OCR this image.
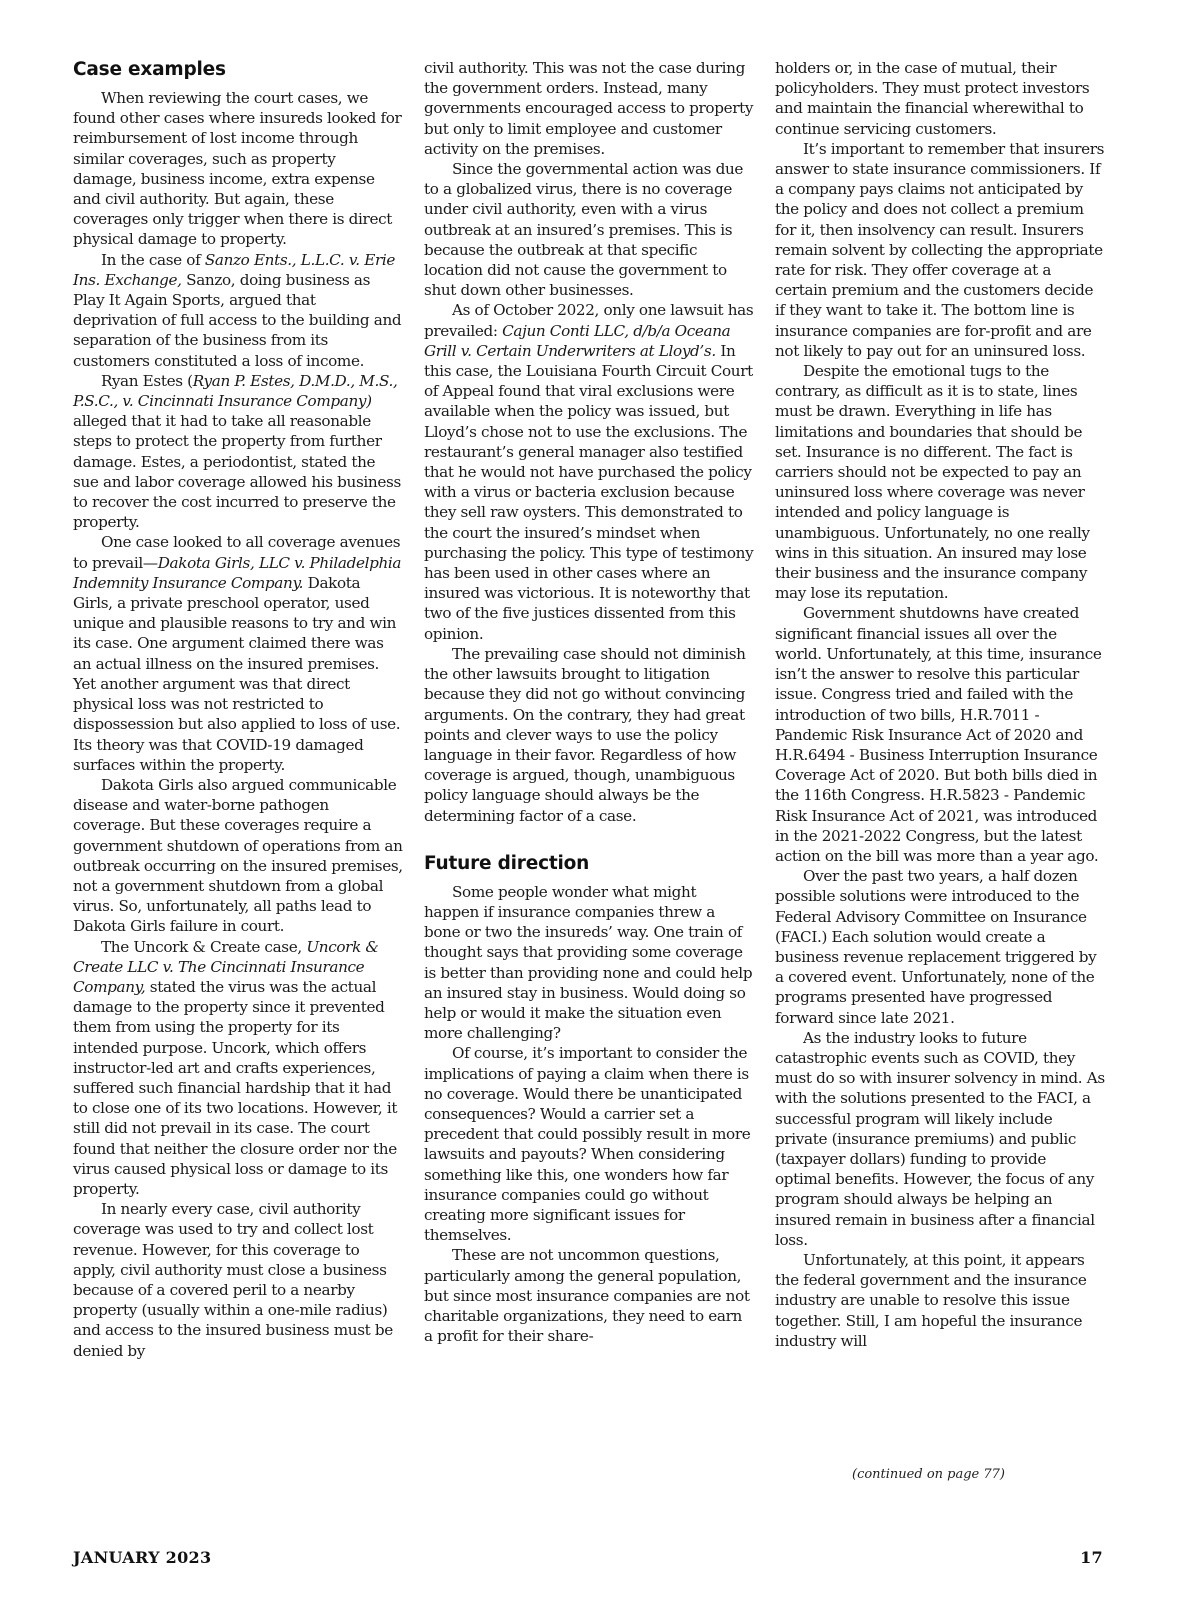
Case examples

When reviewing the court cases, we found other cases where insureds looked for reimbursement of lost income through similar coverages, such as property damage, business income, extra expense and civil authority. But again, these coverages only trigger when there is direct physical damage to property.

In the case of Sanzo Ents., L.L.C. v. Erie Ins. Exchange, Sanzo, doing business as Play It Again Sports, argued that deprivation of full access to the building and separation of the business from its customers constituted a loss of income.

Ryan Estes (Ryan P. Estes, D.M.D., M.S., P.S.C., v. Cincinnati Insurance Company) alleged that it had to take all reasonable steps to protect the property from further damage. Estes, a periodontist, stated the sue and labor coverage allowed his business to recover the cost incurred to preserve the property.

One case looked to all coverage avenues to prevail—Dakota Girls, LLC v. Philadelphia Indemnity Insurance Company. Dakota Girls, a private preschool operator, used unique and plausible reasons to try and win its case. One argument claimed there was an actual illness on the insured premises. Yet another argument was that direct physical loss was not restricted to dispossession but also applied to loss of use. Its theory was that COVID-19 damaged surfaces within the property.

Dakota Girls also argued communicable disease and water-borne pathogen coverage. But these coverages require a government shutdown of operations from an outbreak occurring on the insured premises, not a government shutdown from a global virus. So, unfortunately, all paths lead to Dakota Girls failure in court.

The Uncork & Create case, Uncork & Create LLC v. The Cincinnati Insurance Company, stated the virus was the actual damage to the property since it prevented them from using the property for its intended purpose. Uncork, which offers instructor-led art and crafts experiences, suffered such financial hardship that it had to close one of its two locations. However, it still did not prevail in its case. The court found that neither the closure order nor the virus caused physical loss or damage to its property.

In nearly every case, civil authority coverage was used to try and collect lost revenue. However, for this coverage to apply, civil authority must close a business because of a covered peril to a nearby property (usually within a one-mile radius) and access to the insured business must be denied by

civil authority. This was not the case during the government orders. Instead, many governments encouraged access to property but only to limit employee and customer activity on the premises.

Since the governmental action was due to a globalized virus, there is no coverage under civil authority, even with a virus outbreak at an insured’s premises. This is because the outbreak at that specific location did not cause the government to shut down other businesses.

As of October 2022, only one lawsuit has prevailed: Cajun Conti LLC, d/b/a Oceana Grill v. Certain Underwriters at Lloyd’s. In this case, the Louisiana Fourth Circuit Court of Appeal found that viral exclusions were available when the policy was issued, but Lloyd’s chose not to use the exclusions. The restaurant’s general manager also testified that he would not have purchased the policy with a virus or bacteria exclusion because they sell raw oysters. This demonstrated to the court the insured’s mindset when purchasing the policy. This type of testimony has been used in other cases where an insured was victorious. It is noteworthy that two of the five justices dissented from this opinion.

The prevailing case should not diminish the other lawsuits brought to litigation because they did not go without convincing arguments. On the contrary, they had great points and clever ways to use the policy language in their favor. Regardless of how coverage is argued, though, unambiguous policy language should always be the determining factor of a case.

Future direction

Some people wonder what might happen if insurance companies threw a bone or two the insureds’ way. One train of thought says that providing some coverage is better than providing none and could help an insured stay in business. Would doing so help or would it make the situation even more challenging?

Of course, it’s important to consider the implications of paying a claim when there is no coverage. Would there be unanticipated consequences? Would a carrier set a precedent that could possibly result in more lawsuits and payouts? When considering something like this, one wonders how far insurance companies could go without creating more significant issues for themselves.

These are not uncommon questions, particularly among the general population, but since most insurance companies are not charitable organizations, they need to earn a profit for their share-

holders or, in the case of mutual, their policyholders. They must protect investors and maintain the financial wherewithal to continue servicing customers.

It’s important to remember that insurers answer to state insurance commissioners. If a company pays claims not anticipated by the policy and does not collect a premium for it, then insolvency can result. Insurers remain solvent by collecting the appropriate rate for risk. They offer coverage at a certain premium and the customers decide if they want to take it. The bottom line is insurance companies are for-profit and are not likely to pay out for an uninsured loss.

Despite the emotional tugs to the contrary, as difficult as it is to state, lines must be drawn. Everything in life has limitations and boundaries that should be set. Insurance is no different. The fact is carriers should not be expected to pay an uninsured loss where coverage was never intended and policy language is unambiguous. Unfortunately, no one really wins in this situation. An insured may lose their business and the insurance company may lose its reputation.

Government shutdowns have created significant financial issues all over the world. Unfortunately, at this time, insurance isn’t the answer to resolve this particular issue. Congress tried and failed with the introduction of two bills, H.R.7011 - Pandemic Risk Insurance Act of 2020 and H.R.6494 - Business Interruption Insurance Coverage Act of 2020. But both bills died in the 116th Congress. H.R.5823 - Pandemic Risk Insurance Act of 2021, was introduced in the 2021-2022 Congress, but the latest action on the bill was more than a year ago.

Over the past two years, a half dozen possible solutions were introduced to the Federal Advisory Committee on Insurance (FACI.) Each solution would create a business revenue replacement triggered by a covered event. Unfortunately, none of the programs presented have progressed forward since late 2021.

As the industry looks to future catastrophic events such as COVID, they must do so with insurer solvency in mind. As with the solutions presented to the FACI, a successful program will likely include private (insurance premiums) and public (taxpayer dollars) funding to provide optimal benefits. However, the focus of any program should always be helping an insured remain in business after a financial loss.

Unfortunately, at this point, it appears the federal government and the insurance industry are unable to resolve this issue together. Still, I am hopeful the insurance industry will

(continued on page 77)
JANUARY 2023	17
